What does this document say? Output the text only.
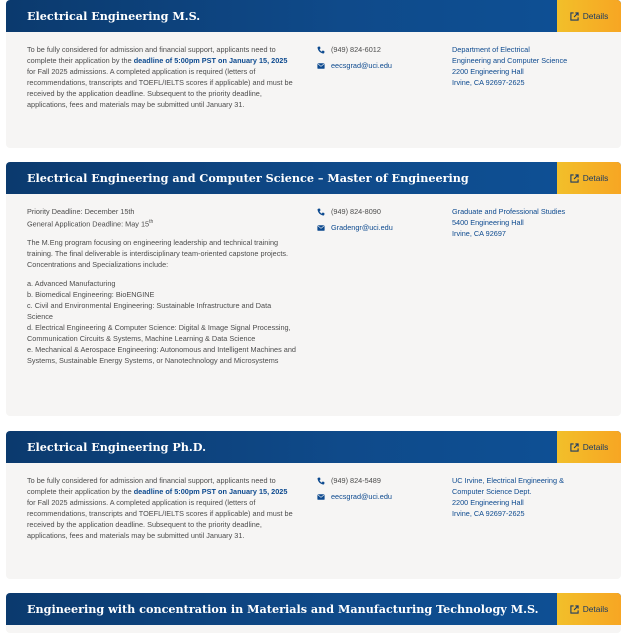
Electrical Engineering M.S.	Details
To be fully considered for admission and financial support, applicants need to complete their application by the deadline of 5:00pm PST on January 15, 2025 for Fall 2025 admissions. A completed application is required (letters of recommendations, transcripts and TOEFL/IELTS scores if applicable) and must be received by the application deadline. Subsequent to the priority deadline, applications, fees and materials may be submitted until January 31.
(949) 824-6012
eecsgrad@uci.edu
Department of Electrical
Engineering and Computer Science
2200 Engineering Hall
Irvine, CA 92697-2625
Electrical Engineering and Computer Science – Master of Engineering	Details
Priority Deadline: December 15th
General Application Deadline: May 15th
The M.Eng program focusing on engineering leadership and technical training training. The final deliverable is interdisciplinary team-oriented capstone projects. Concentrations and Specializations include:
a. Advanced Manufacturing
b. Biomedical Engineering: BioENGINE
c. Civil and Environmental Engineering: Sustainable Infrastructure and Data Science
d. Electrical Engineering & Computer Science: Digital & Image Signal Processing, Communication Circuits & Systems, Machine Learning & Data Science
e. Mechanical & Aerospace Engineering: Autonomous and Intelligent Machines and Systems, Sustainable Energy Systems, or Nanotechnology and Microsystems
(949) 824-8090
Gradengr@uci.edu
Graduate and Professional Studies
5400 Engineering Hall
Irvine, CA 92697
Electrical Engineering Ph.D.	Details
To be fully considered for admission and financial support, applicants need to complete their application by the deadline of 5:00pm PST on January 15, 2025 for Fall 2025 admissions. A completed application is required (letters of recommendations, transcripts and TOEFL/IELTS scores if applicable) and must be received by the application deadline. Subsequent to the priority deadline, applications, fees and materials may be submitted until January 31.
(949) 824-5489
eecsgrad@uci.edu
UC Irvine, Electrical Engineering &
Computer Science Dept.
2200 Engineering Hall
Irvine, CA 92697-2625
Engineering with concentration in Materials and Manufacturing Technology M.S.	Details
